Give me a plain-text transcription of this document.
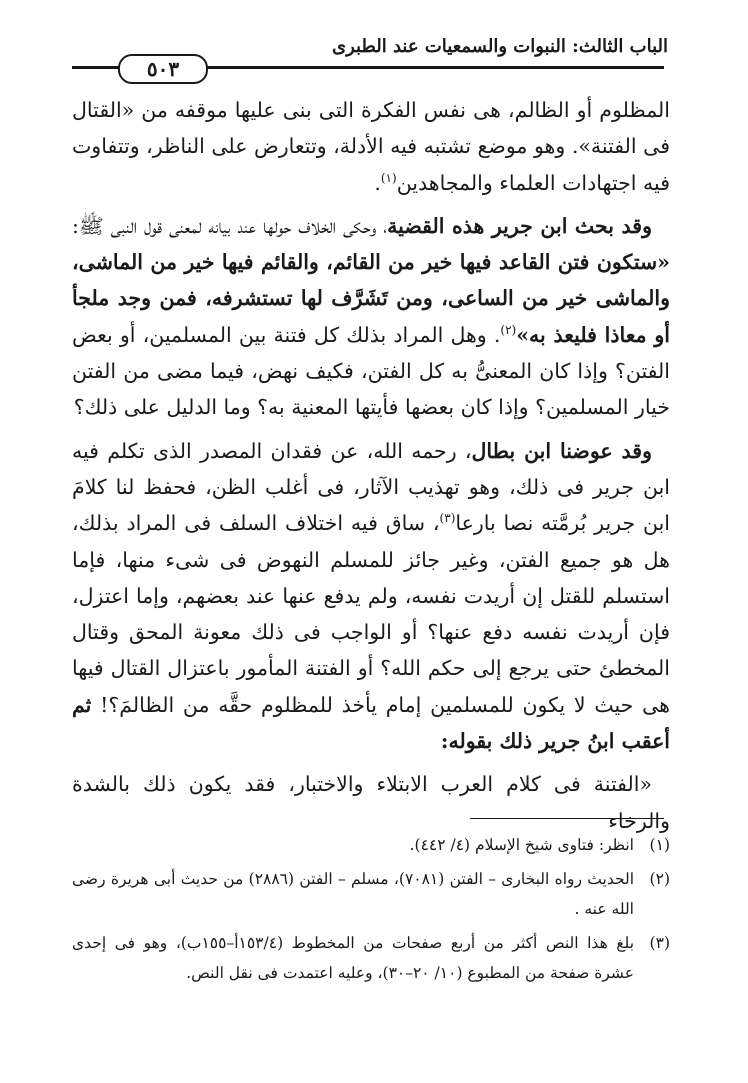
الباب الثالث: النبوات والسمعيات عند الطبرى
٥٠٣

المظلوم أو الظالم، هى نفس الفكرة التى بنى عليها موقفه من «القتال فى الفتنة». وهو موضع تشتبه فيه الأدلة، وتتعارض على الناظر، وتتفاوت فيه اجتهادات العلماء والمجاهدين$^{(١)}$.

وقد بحث ابن جرير هذه القضية، وحكى الخلاف حولها عند بيانه لمعنى قول النبى ﷺ: «ستكون فتن القاعد فيها خير من القائم، والقائم فيها خير من الماشى، والماشى خير من الساعى، ومن تَشَرَّف لها تستشرفه، فمن وجد ملجأ أو معاذا فليعذ به»$^{(٢)}$. وهل المراد بذلك كل فتنة بين المسلمين، أو بعض الفتن؟ وإذا كان المعنىُّ به كل الفتن، فكيف نهض، فيما مضى من الفتن خيار المسلمين؟ وإذا كان بعضها فأيتها المعنية به؟ وما الدليل على ذلك؟

وقد عوضنا ابن بطال، رحمه الله، عن فقدان المصدر الذى تكلم فيه ابن جرير فى ذلك، وهو تهذيب الآثار، فى أغلب الظن، فحفظ لنا كلامَ ابن جرير بُرمَّته نصا بارعا$^{(٣)}$، ساق فيه اختلاف السلف فى المراد بذلك، هل هو جميع الفتن، وغير جائز للمسلم النهوض فى شىء منها، فإما استسلم للقتل إن أريدت نفسه، ولم يدفع عنها عند بعضهم، وإما اعتزل، فإن أريدت نفسه دفع عنها؟ أو الواجب فى ذلك معونة المحق وقتال المخطئ حتى يرجع إلى حكم الله؟ أو الفتنة المأمور باعتزال القتال فيها هى حيث لا يكون للمسلمين إمام يأخذ للمظلوم حقَّه من الظالمَ؟! ثم أعقب ابنُ جرير ذلك بقوله:

«الفتنة فى كلام العرب الابتلاء والاختبار، فقد يكون ذلك بالشدة والرخاء

(١)
انظر: فتاوى شيخ الإسلام (٤/ ٤٤٢).
(٢)
الحديث رواه البخارى – الفتن (٧٠٨١)، مسلم – الفتن (٢٨٨٦) من حديث أبى هريرة رضى الله عنه .
(٣)
بلغ هذا النص أكثر من أربع صفحات من المخطوط (١٥٣/٤أ–١٥٥ب)، وهو فى إحدى عشرة صفحة من المطبوع (١٠/ ٢٠–٣٠)، وعليه اعتمدت فى نقل النص.
